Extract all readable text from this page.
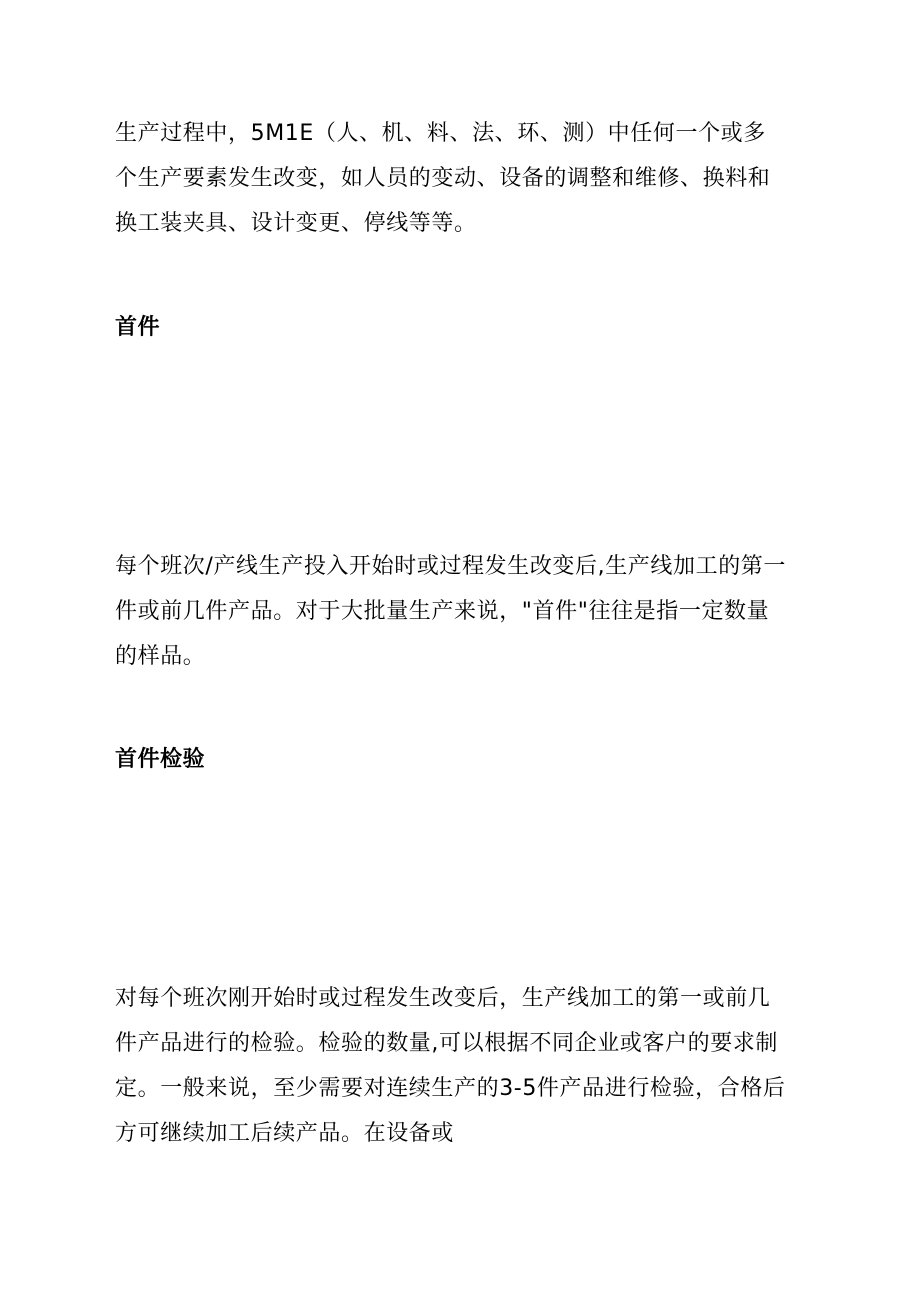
生产过程中，5M1E（人、机、料、法、环、测）中任何一个或多个生产要素发生改变，如人员的变动、设备的调整和维修、换料和换工装夹具、设计变更、停线等等。

首件

每个班次/产线生产投入开始时或过程发生改变后,生产线加工的第一件或前几件产品。对于大批量生产来说，"首件"往往是指一定数量的样品。

首件检验

对每个班次刚开始时或过程发生改变后，生产线加工的第一或前几件产品进行的检验。检验的数量,可以根据不同企业或客户的要求制定。一般来说，至少需要对连续生产的3-5件产品进行检验，合格后方可继续加工后续产品。在设备或
